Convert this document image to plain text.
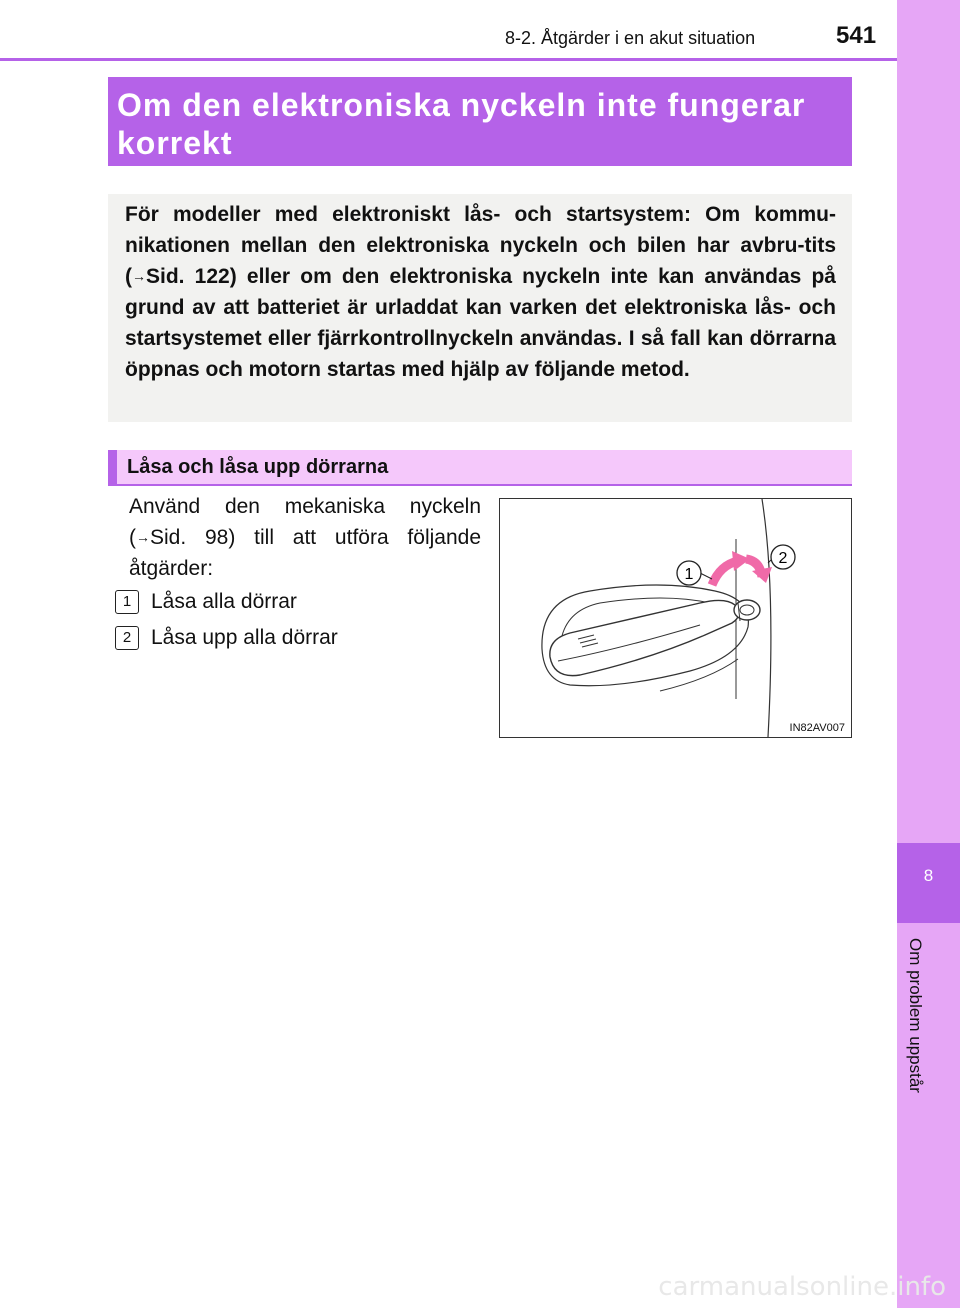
8-2. Åtgärder i en akut situation	541
8
Om problem uppstår
Om den elektroniska nyckeln inte fungerar korrekt

För modeller med elektroniskt lås- och startsystem: Om kommu-nikationen mellan den elektroniska nyckeln och bilen har avbru-tits (→Sid. 122) eller om den elektroniska nyckeln inte kan användas på grund av att batteriet är urladdat kan varken det elektroniska lås- och startsystemet eller fjärrkontrollnyckeln användas. I så fall kan dörrarna öppnas och motorn startas med hjälp av följande metod.

Låsa och låsa upp dörrarna

Använd den mekaniska nyckeln (→Sid. 98) till att utföra följande åtgärder:

1 Låsa alla dörrar
2 Låsa upp alla dörrar
1
2
IN82AV007
carmanualsonline.info
